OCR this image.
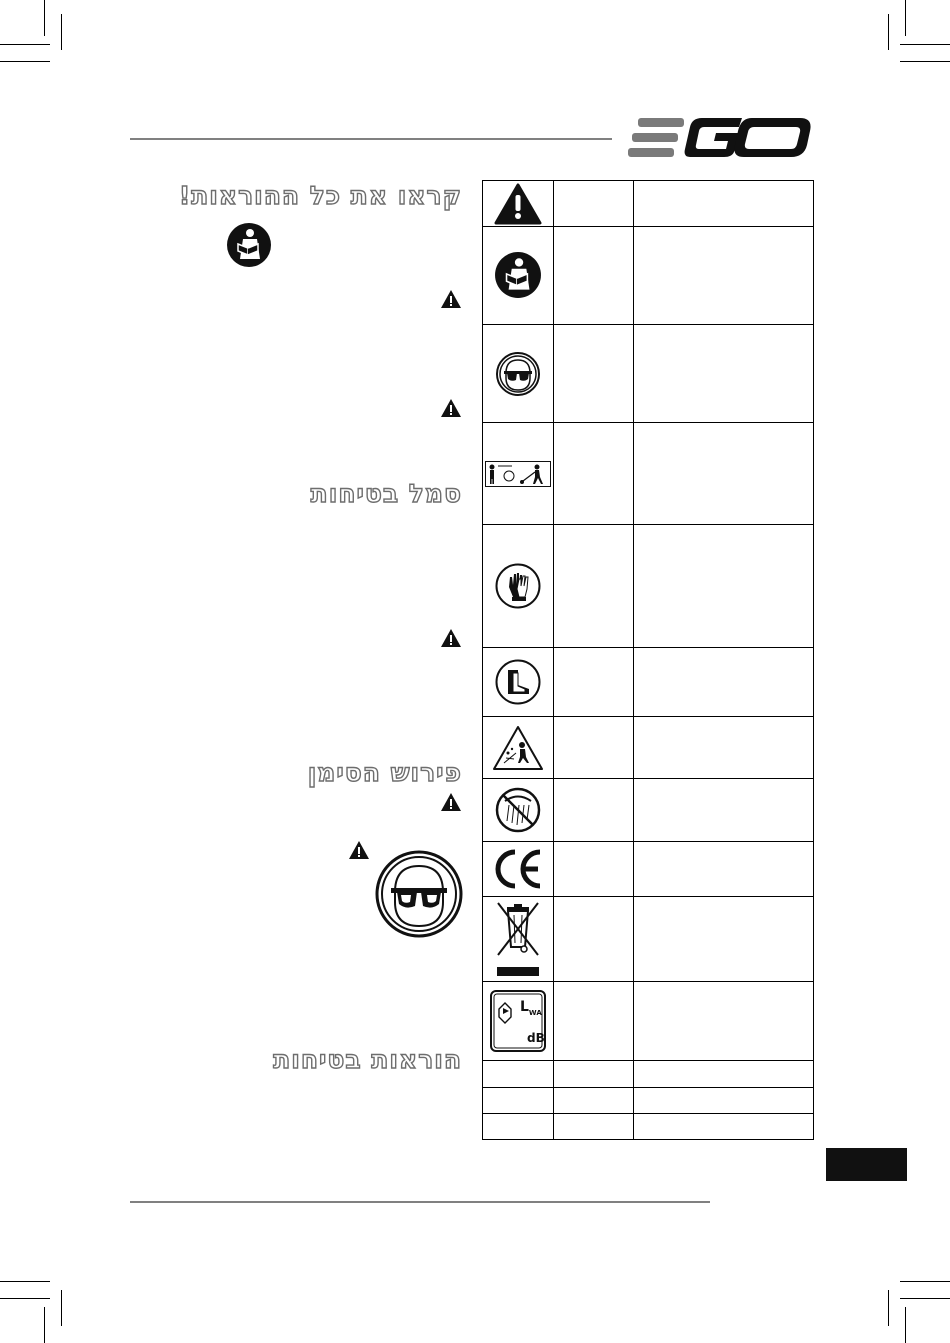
קראו את כל ההוראות!
סמל בטיחות
פירוש הסימן
הוראות בטיחות
$L_{WA}$
dB
